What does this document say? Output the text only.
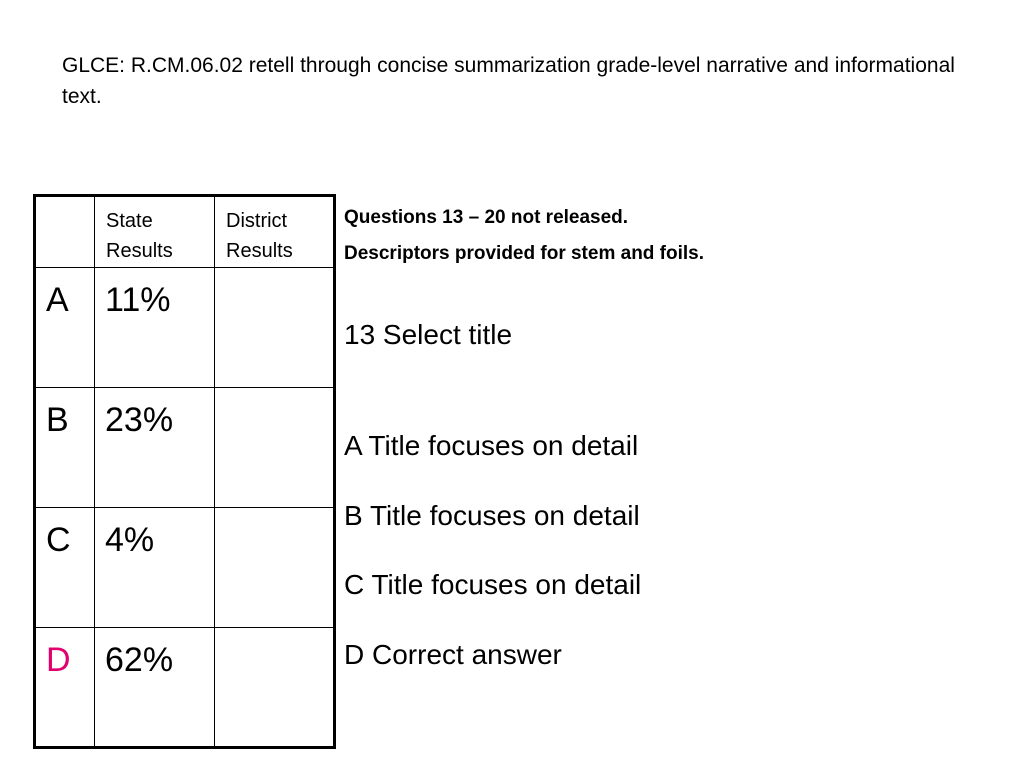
GLCE: R.CM.06.02 retell through concise summarization grade-level narrative and informational text.

	State Results	District Results
A	11%	
B	23%	
C	4%	
D	62%	

Questions 13 – 20 not released.

Descriptors provided for stem and foils.

13 Select title

A Title focuses on detail

B Title focuses on detail

C Title focuses on detail

D Correct answer
